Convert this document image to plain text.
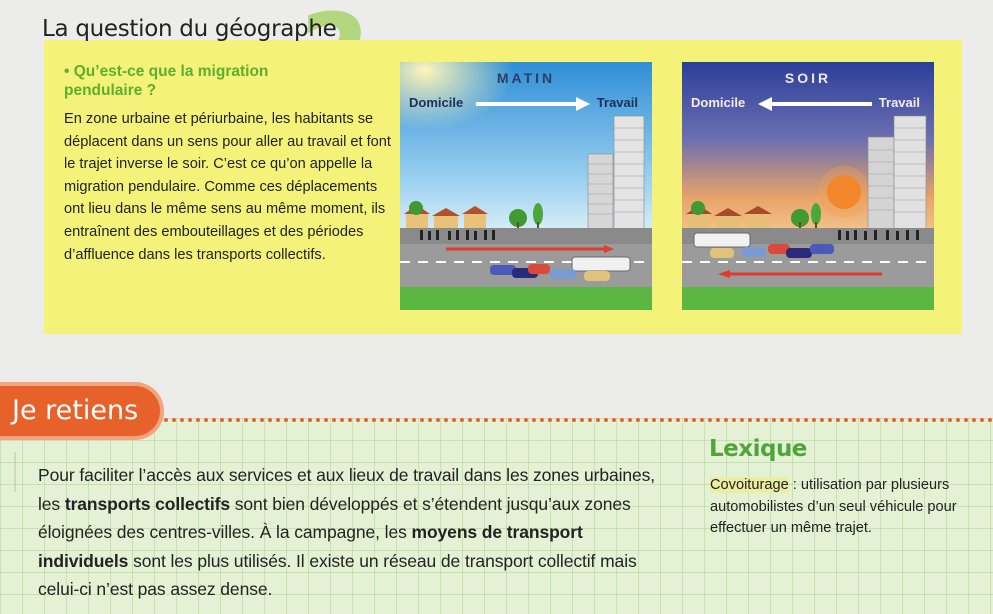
La question du géographe

• Qu’est-ce que la migration pendulaire ?

En zone urbaine et périurbaine, les habitants se déplacent dans un sens pour aller au travail et font le trajet inverse le soir. C’est ce qu’on appelle la migration pendulaire. Comme ces déplacements ont lieu dans le même sens au même moment, ils entraînent des embouteillages et des périodes d’affluence dans les transports collectifs.

MATIN
Domicile	Travail
SOIR
Domicile	Travail
Je retiens

Pour faciliter l’accès aux services et aux lieux de travail dans les zones urbaines, les transports collectifs sont bien développés et s’étendent jusqu’aux zones éloignées des centres-villes. À la campagne, les moyens de transport individuels sont les plus utilisés. Il existe un réseau de transport collectif mais celui-ci n’est pas assez dense.

Lexique

Covoiturage : utilisation par plusieurs automobilistes d’un seul véhicule pour effectuer un même trajet.
